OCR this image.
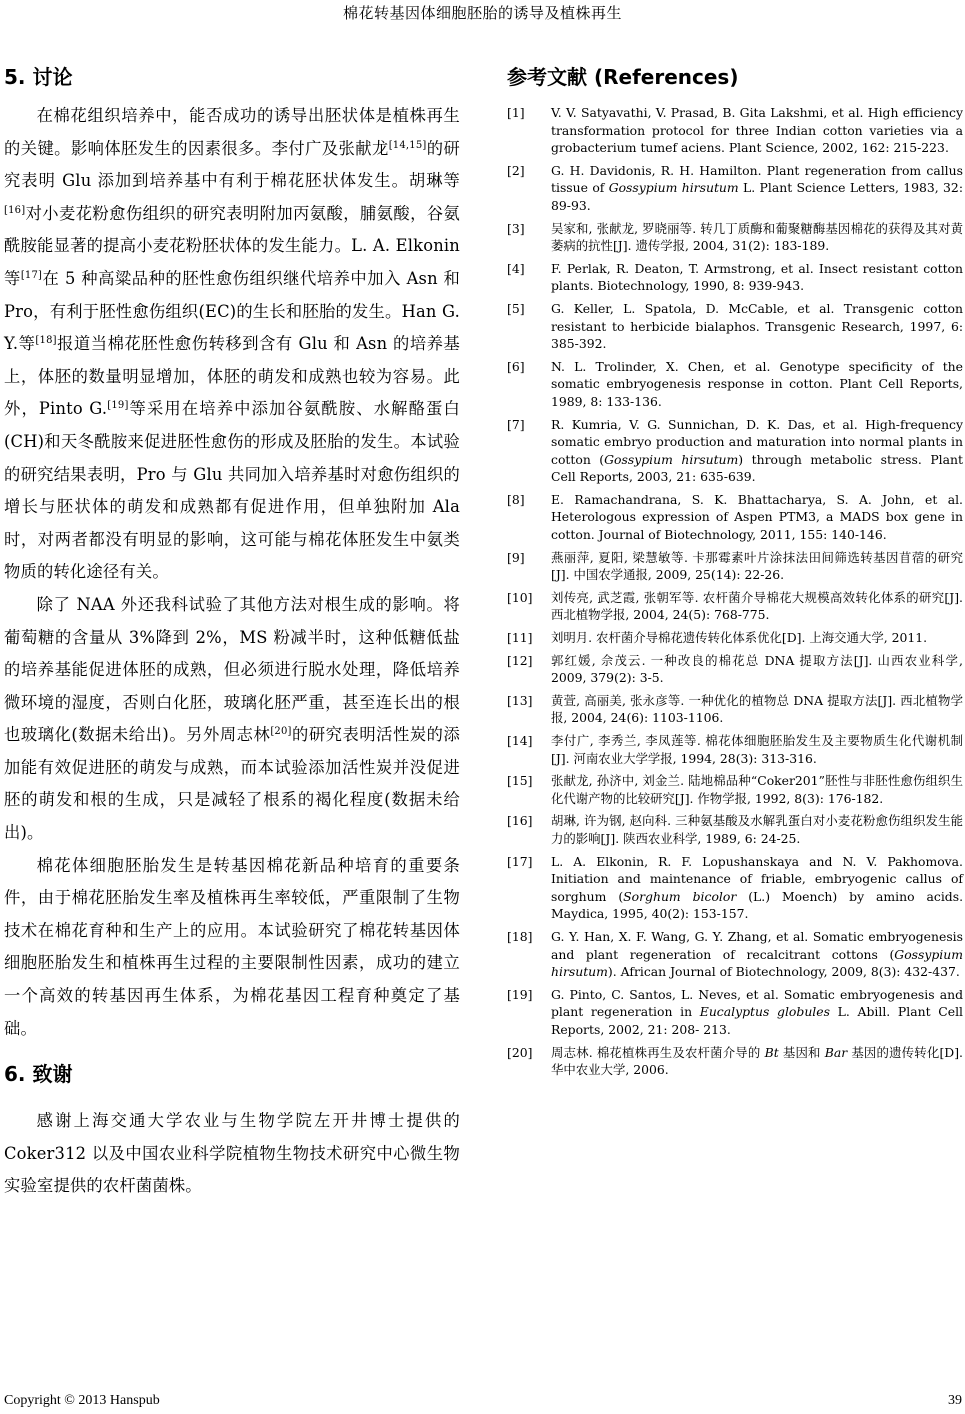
棉花转基因体细胞胚胎的诱导及植株再生
5. 讨论

在棉花组织培养中，能否成功的诱导出胚状体是植株再生的关键。影响体胚发生的因素很多。李付广及张献龙[14,15]的研究表明 Glu 添加到培养基中有利于棉花胚状体发生。胡琳等[16]对小麦花粉愈伤组织的研究表明附加丙氨酸，脯氨酸，谷氨酰胺能显著的提高小麦花粉胚状体的发生能力。L. A. Elkonin 等[17]在 5 种高粱品种的胚性愈伤组织继代培养中加入 Asn 和 Pro，有利于胚性愈伤组织(EC)的生长和胚胎的发生。Han G. Y.等[18]报道当棉花胚性愈伤转移到含有 Glu 和 Asn 的培养基上，体胚的数量明显增加，体胚的萌发和成熟也较为容易。此外，Pinto G.[19]等采用在培养中添加谷氨酰胺、水解酪蛋白(CH)和天冬酰胺来促进胚性愈伤的形成及胚胎的发生。本试验的研究结果表明，Pro 与 Glu 共同加入培养基时对愈伤组织的增长与胚状体的萌发和成熟都有促进作用，但单独附加 Ala 时，对两者都没有明显的影响，这可能与棉花体胚发生中氨类物质的转化途径有关。

除了 NAA 外还我科试验了其他方法对根生成的影响。将葡萄糖的含量从 3%降到 2%，MS 粉减半时，这种低糖低盐的培养基能促进体胚的成熟，但必须进行脱水处理，降低培养微环境的湿度，否则白化胚，玻璃化胚严重，甚至连长出的根也玻璃化(数据未给出)。另外周志林[20]的研究表明活性炭的添加能有效促进胚的萌发与成熟，而本试验添加活性炭并没促进胚的萌发和根的生成，只是减轻了根系的褐化程度(数据未给出)。

棉花体细胞胚胎发生是转基因棉花新品种培育的重要条件，由于棉花胚胎发生率及植株再生率较低，严重限制了生物技术在棉花育种和生产上的应用。本试验研究了棉花转基因体细胞胚胎发生和植株再生过程的主要限制性因素，成功的建立一个高效的转基因再生体系，为棉花基因工程育种奠定了基础。

6. 致谢

感谢上海交通大学农业与生物学院左开井博士提供的 Coker312 以及中国农业科学院植物生物技术研究中心微生物实验室提供的农杆菌菌株。

参考文献 (References)
[1]	V. V. Satyavathi, V. Prasad, B. Gita Lakshmi, et al. High efficiency transformation protocol for three Indian cotton varieties via a grobacterium tumef aciens. Plant Science, 2002, 162: 215-223.
[2]	G. H. Davidonis, R. H. Hamilton. Plant regeneration from callus tissue of Gossypium hirsutum L. Plant Science Letters, 1983, 32: 89-93.
[3]	吴家和, 张献龙, 罗晓丽等. 转几丁质酶和葡聚糖酶基因棉花的获得及其对黄萎病的抗性[J]. 遗传学报, 2004, 31(2): 183-189.
[4]	F. Perlak, R. Deaton, T. Armstrong, et al. Insect resistant cotton plants. Biotechnology, 1990, 8: 939-943.
[5]	G. Keller, L. Spatola, D. McCable, et al. Transgenic cotton resistant to herbicide bialaphos. Transgenic Research, 1997, 6: 385-392.
[6]	N. L. Trolinder, X. Chen, et al. Genotype specificity of the somatic embryogenesis response in cotton. Plant Cell Reports, 1989, 8: 133-136.
[7]	R. Kumria, V. G. Sunnichan, D. K. Das, et al. High-frequency somatic embryo production and maturation into normal plants in cotton (Gossypium hirsutum) through metabolic stress. Plant Cell Reports, 2003, 21: 635-639.
[8]	E. Ramachandrana, S. K. Bhattacharya, S. A. John, et al. Heterologous expression of Aspen PTM3, a MADS box gene in cotton. Journal of Biotechnology, 2011, 155: 140-146.
[9]	燕丽萍, 夏阳, 梁慧敏等. 卡那霉素叶片涂抹法田间筛选转基因苜蓿的研究[J]. 中国农学通报, 2009, 25(14): 22-26.
[10]	刘传亮, 武芝霞, 张朝军等. 农杆菌介导棉花大规模高效转化体系的研究[J]. 西北植物学报, 2004, 24(5): 768-775.
[11]	刘明月. 农杆菌介导棉花遗传转化体系优化[D]. 上海交通大学, 2011.
[12]	郭红媛, 佘茂云. 一种改良的棉花总 DNA 提取方法[J]. 山西农业科学, 2009, 379(2): 3-5.
[13]	黄萱, 高丽美, 张永彦等. 一种优化的植物总 DNA 提取方法[J]. 西北植物学报, 2004, 24(6): 1103-1106.
[14]	李付广, 李秀兰, 李凤莲等. 棉花体细胞胚胎发生及主要物质生化代谢机制[J]. 河南农业大学学报, 1994, 28(3): 313-316.
[15]	张献龙, 孙济中, 刘金兰. 陆地棉品种“Coker201”胚性与非胚性愈伤组织生化代谢产物的比较研究[J]. 作物学报, 1992, 8(3): 176-182.
[16]	胡琳, 许为钢, 赵向科. 三种氨基酸及水解乳蛋白对小麦花粉愈伤组织发生能力的影响[J]. 陕西农业科学, 1989, 6: 24-25.
[17]	L. A. Elkonin, R. F. Lopushanskaya and N. V. Pakhomova. Initiation and maintenance of friable, embryogenic callus of sorghum (Sorghum bicolor (L.) Moench) by amino acids. Maydica, 1995, 40(2): 153-157.
[18]	G. Y. Han, X. F. Wang, G. Y. Zhang, et al. Somatic embryogenesis and plant regeneration of recalcitrant cottons (Gossypium hirsutum). African Journal of Biotechnology, 2009, 8(3): 432-437.
[19]	G. Pinto, C. Santos, L. Neves, et al. Somatic embryogenesis and plant regeneration in Eucalyptus globules L. Abill. Plant Cell Reports, 2002, 21: 208- 213.
[20]	周志林. 棉花植株再生及农杆菌介导的 Bt 基因和 Bar 基因的遗传转化[D]. 华中农业大学, 2006.
Copyright © 2013 Hanspub	39
